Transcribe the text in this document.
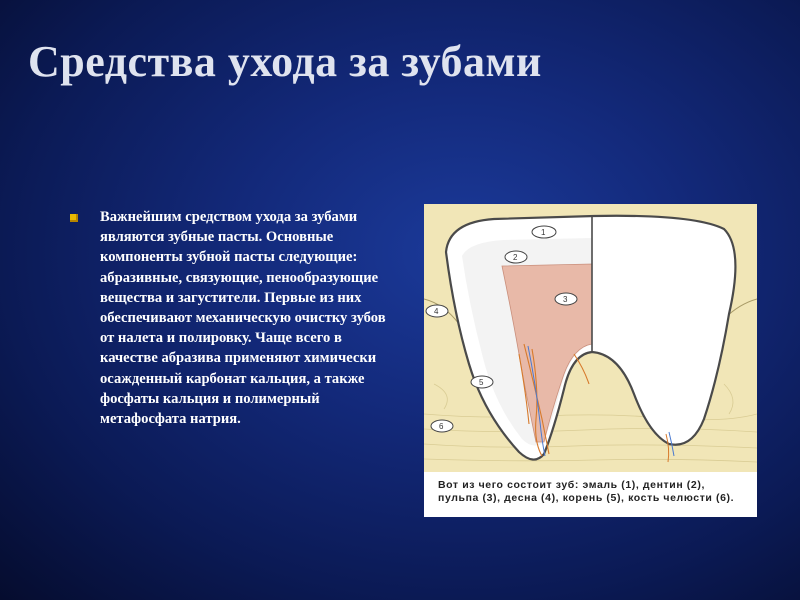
Средства ухода за зубами

Важнейшим средством ухода за зубами являются зубные пасты. Основные компоненты зубной пасты следующие: абразивные, связующие, пенообразующие вещества и загустители. Первые из них обеспечивают механическую очистку зубов от налета и полировку. Чаще всего в качестве абразива применяют химически осажденный карбонат кальция, а также фосфаты кальция и полимерный метафосфата натрия.

1
2
3
4
5
6
Вот из чего состоит зуб: эмаль (1), дентин (2), пульпа (3), десна (4), корень (5), кость челюсти (6).
